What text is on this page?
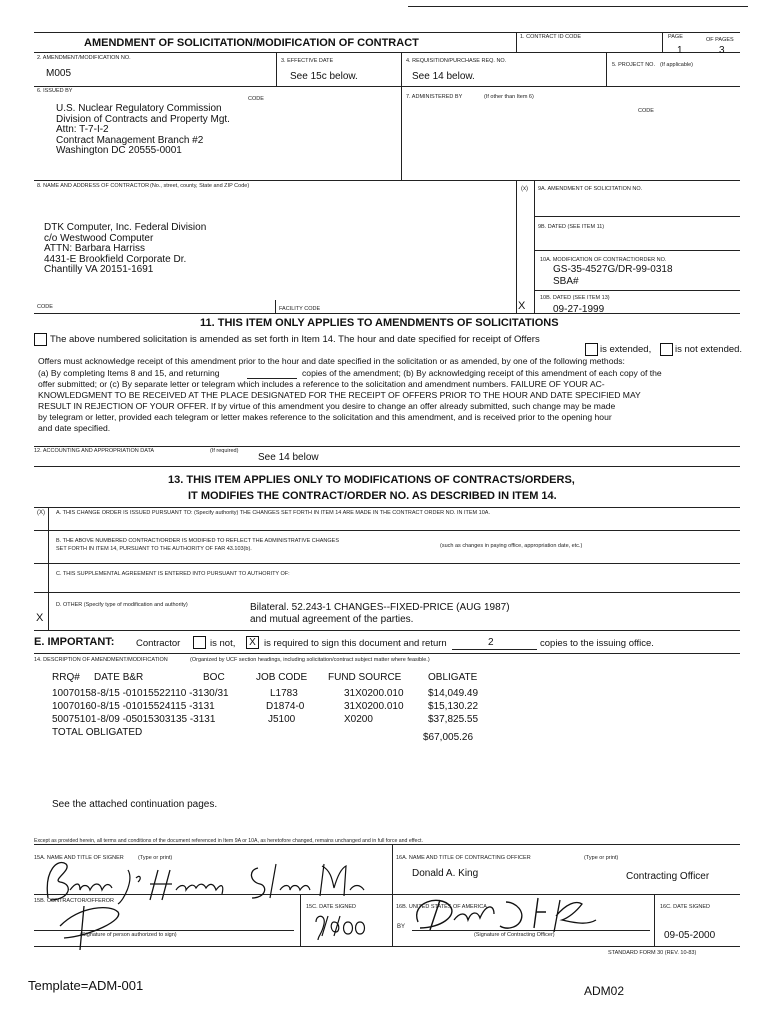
AMENDMENT OF SOLICITATION/MODIFICATION OF CONTRACT	1. CONTRACT ID CODE	PAGE	OF PAGES
1	3
2. AMENDMENT/MODIFICATION NO.
M005
3. EFFECTIVE DATE
See 15c below.
4. REQUISITION/PURCHASE REQ. NO.
See 14 below.
5. PROJECT NO. (If applicable)
6. ISSUED BY
CODE
U.S. Nuclear Regulatory Commission
Division of Contracts and Property Mgt.
Attn: T-7-I-2
Contract Management Branch #2
Washington DC 20555-0001
7. ADMINISTERED BY	(If other than Item 6)
CODE
8. NAME AND ADDRESS OF CONTRACTOR (No., street, county, State and ZIP Code)
DTK Computer, Inc. Federal Division
c/o Westwood Computer
ATTN: Barbara Harriss
4431-E Brookfield Corporate Dr.
Chantilly VA 20151-1691
CODE	FACILITY CODE
(x) 9A. AMENDMENT OF SOLICITATION NO.
9B. DATED (SEE ITEM 11)
10A. MODIFICATION OF CONTRACT/ORDER NO.
GS-35-4527G/DR-99-0318
SBA#
X
10B. DATED (SEE ITEM 13)
09-27-1999
11. THIS ITEM ONLY APPLIES TO AMENDMENTS OF SOLICITATIONS
The above numbered solicitation is amended as set forth in Item 14. The hour and date specified for receipt of Offers
is extended,	is not extended.
Offers must acknowledge receipt of this amendment prior to the hour and date specified in the solicitation or as amended, by one of the following methods:
(a) By completing Items 8 and 15, and returning	copies of the amendment; (b) By acknowledging receipt of this amendment of each copy of the
offer submitted; or (c) By separate letter or telegram which includes a reference to the solicitation and amendment numbers. FAILURE OF YOUR AC-
KNOWLEDGMENT TO BE RECEIVED AT THE PLACE DESIGNATED FOR THE RECEIPT OF OFFERS PRIOR TO THE HOUR AND DATE SPECIFIED MAY
RESULT IN REJECTION OF YOUR OFFER. If by virtue of this amendment you desire to change an offer already submitted, such change may be made
by telegram or letter, provided each telegram or letter makes reference to the solicitation and this amendment, and is received prior to the opening hour
and date specified.
12. ACCOUNTING AND APPROPRIATION DATA	(If required)
See 14 below
13. THIS ITEM APPLIES ONLY TO MODIFICATIONS OF CONTRACTS/ORDERS,
IT MODIFIES THE CONTRACT/ORDER NO. AS DESCRIBED IN ITEM 14.
(X) A. THIS CHANGE ORDER IS ISSUED PURSUANT TO: (Specify authority) THE CHANGES SET FORTH IN ITEM 14 ARE MADE IN THE CONTRACT ORDER NO. IN ITEM 10A.
B. THE ABOVE NUMBERED CONTRACT/ORDER IS MODIFIED TO REFLECT THE ADMINISTRATIVE CHANGES
(such as changes in paying office, appropriation date, etc.)
SET FORTH IN ITEM 14, PURSUANT TO THE AUTHORITY OF FAR 43.103(b).
C. THIS SUPPLEMENTAL AGREEMENT IS ENTERED INTO PURSUANT TO AUTHORITY OF:
D. OTHER (Specify type of modification and authority)	Bilateral. 52.243-1 CHANGES--FIXED-PRICE (AUG 1987)
and mutual agreement of the parties.
X
E. IMPORTANT: Contractor	is not,	X is required to sign this document and return	2	copies to the issuing office.
14. DESCRIPTION OF AMENDMENT/MODIFICATION	(Organized by UCF section headings, including solicitation/contract subject matter where feasible.)
RRQ# DATE B&R	BOC	JOB CODE FUND SOURCE	OBLIGATE
10070158 -8/15 -01015522110 -3130/31	L1783	31X0200.010 $14,049.49
10070160 -8/15 -01015524115 -3131	D1874-0	31X0200.010 $15,130.22
50075101 -8/09 -05015303135 -3131	J5100	X0200	$37,825.55
TOTAL OBLIGATED	$67,005.26
See the attached continuation pages.
Except as provided herein, all terms and conditions of the document referenced in Item 9A or 10A, as heretofore changed, remains unchanged and in full force and effect.
15A. NAME AND TITLE OF SIGNER	(Type or print)	16A. NAME AND TITLE OF CONTRACTING OFFICER	(Type or print)
Donald A. King	Contracting Officer
15B. CONTRACTOR/OFFEROR
(Signature of person authorized to sign)
15C. DATE SIGNED	16B. UNITED STATES OF AMERICA
BY
(Signature of Contracting Officer)
16C. DATE SIGNED
09-05-2000
STANDARD FORM 30 (REV. 10-83)
Template=ADM-001	ADM02
